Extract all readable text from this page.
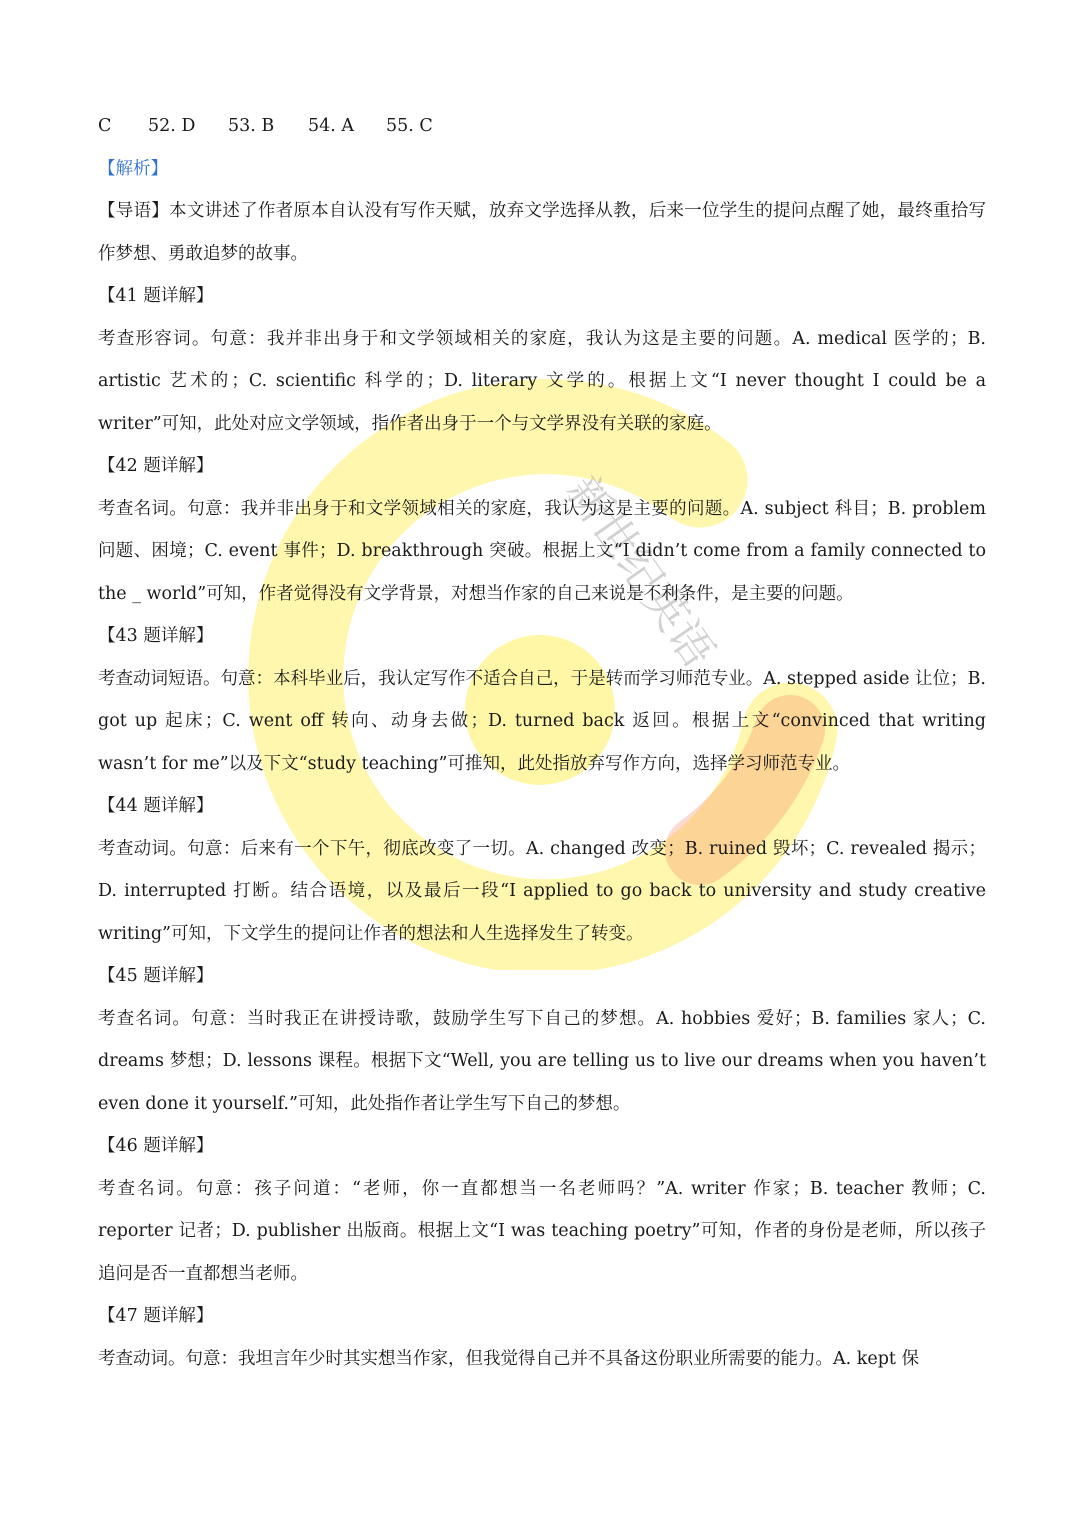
新世纪英语
C	52. D	53. B	54. A	55. C
【解析】

【导语】本文讲述了作者原本自认没有写作天赋，放弃文学选择从教，后来一位学生的提问点醒了她，最终重拾写作梦想、勇敢追梦的故事。

【41 题详解】

考查形容词。句意：我并非出身于和文学领域相关的家庭，我认为这是主要的问题。A. medical 医学的；B. artistic 艺术的；C. scientific 科学的；D. literary 文学的。根据上文“I never thought I could be a writer”可知，此处对应文学领域，指作者出身于一个与文学界没有关联的家庭。

【42 题详解】

考查名词。句意：我并非出身于和文学领域相关的家庭，我认为这是主要的问题。A. subject 科目；B. problem 问题、困境；C. event 事件；D. breakthrough 突破。根据上文“I didn’t come from a family connected to the _ world”可知，作者觉得没有文学背景，对想当作家的自己来说是不利条件，是主要的问题。

【43 题详解】

考查动词短语。句意：本科毕业后，我认定写作不适合自己，于是转而学习师范专业。A. stepped aside 让位；B. got up 起床；C. went off 转向、动身去做；D. turned back 返回。根据上文“convinced that writing wasn’t for me”以及下文“study teaching”可推知，此处指放弃写作方向，选择学习师范专业。

【44 题详解】

考查动词。句意：后来有一个下午，彻底改变了一切。A. changed 改变；B. ruined 毁坏；C. revealed 揭示；D. interrupted 打断。结合语境，以及最后一段“I applied to go back to university and study creative writing”可知，下文学生的提问让作者的想法和人生选择发生了转变。

【45 题详解】

考查名词。句意：当时我正在讲授诗歌，鼓励学生写下自己的梦想。A. hobbies 爱好；B. families 家人；C. dreams 梦想；D. lessons 课程。根据下文“Well, you are telling us to live our dreams when you haven’t even done it yourself.”可知，此处指作者让学生写下自己的梦想。

【46 题详解】

考查名词。句意：孩子问道：“老师，你一直都想当一名老师吗？”A. writer 作家；B. teacher 教师；C. reporter 记者；D. publisher 出版商。根据上文“I was teaching poetry”可知，作者的身份是老师，所以孩子追问是否一直都想当老师。

【47 题详解】

考查动词。句意：我坦言年少时其实想当作家，但我觉得自己并不具备这份职业所需要的能力。A. kept 保
